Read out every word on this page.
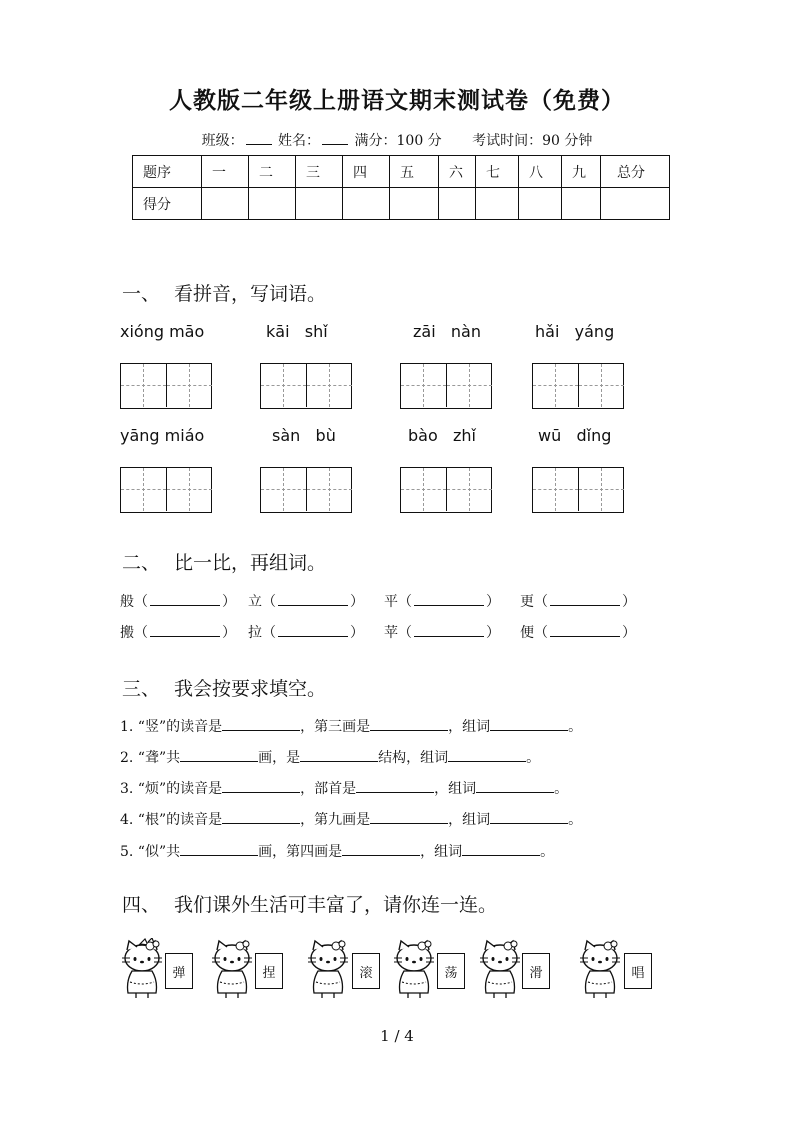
人教版二年级上册语文期末测试卷（免费）
班级： 姓名： 满分：100 分 考试时间：90 分钟
题序	一	二	三	四	五	六	七	八	九	总分
得分										
一、 看拼音，写词语。
xióng māo	kāi   shǐ	zāi   nàn	hǎi   yáng
yāng miáo	sàn   bù	bào   zhǐ	wū   dǐng
二、 比一比，再组词。
般（	） 立（	） 平（	） 更（	）
搬（	） 拉（	） 苹（	） 便（	）
三、 我会按要求填空。
1. “竖”的读音是	，第三画是	，组词	。
2. “聋”共	画，是	结构，组词	。
3. “烦”的读音是	，部首是	，组词	。
4. “根”的读音是	，第九画是	，组词	。
5. “似”共	画，第四画是	，组词	。
四、 我们课外生活可丰富了，请你连一连。
弹	捏	滚	荡	滑	唱
1 / 4
